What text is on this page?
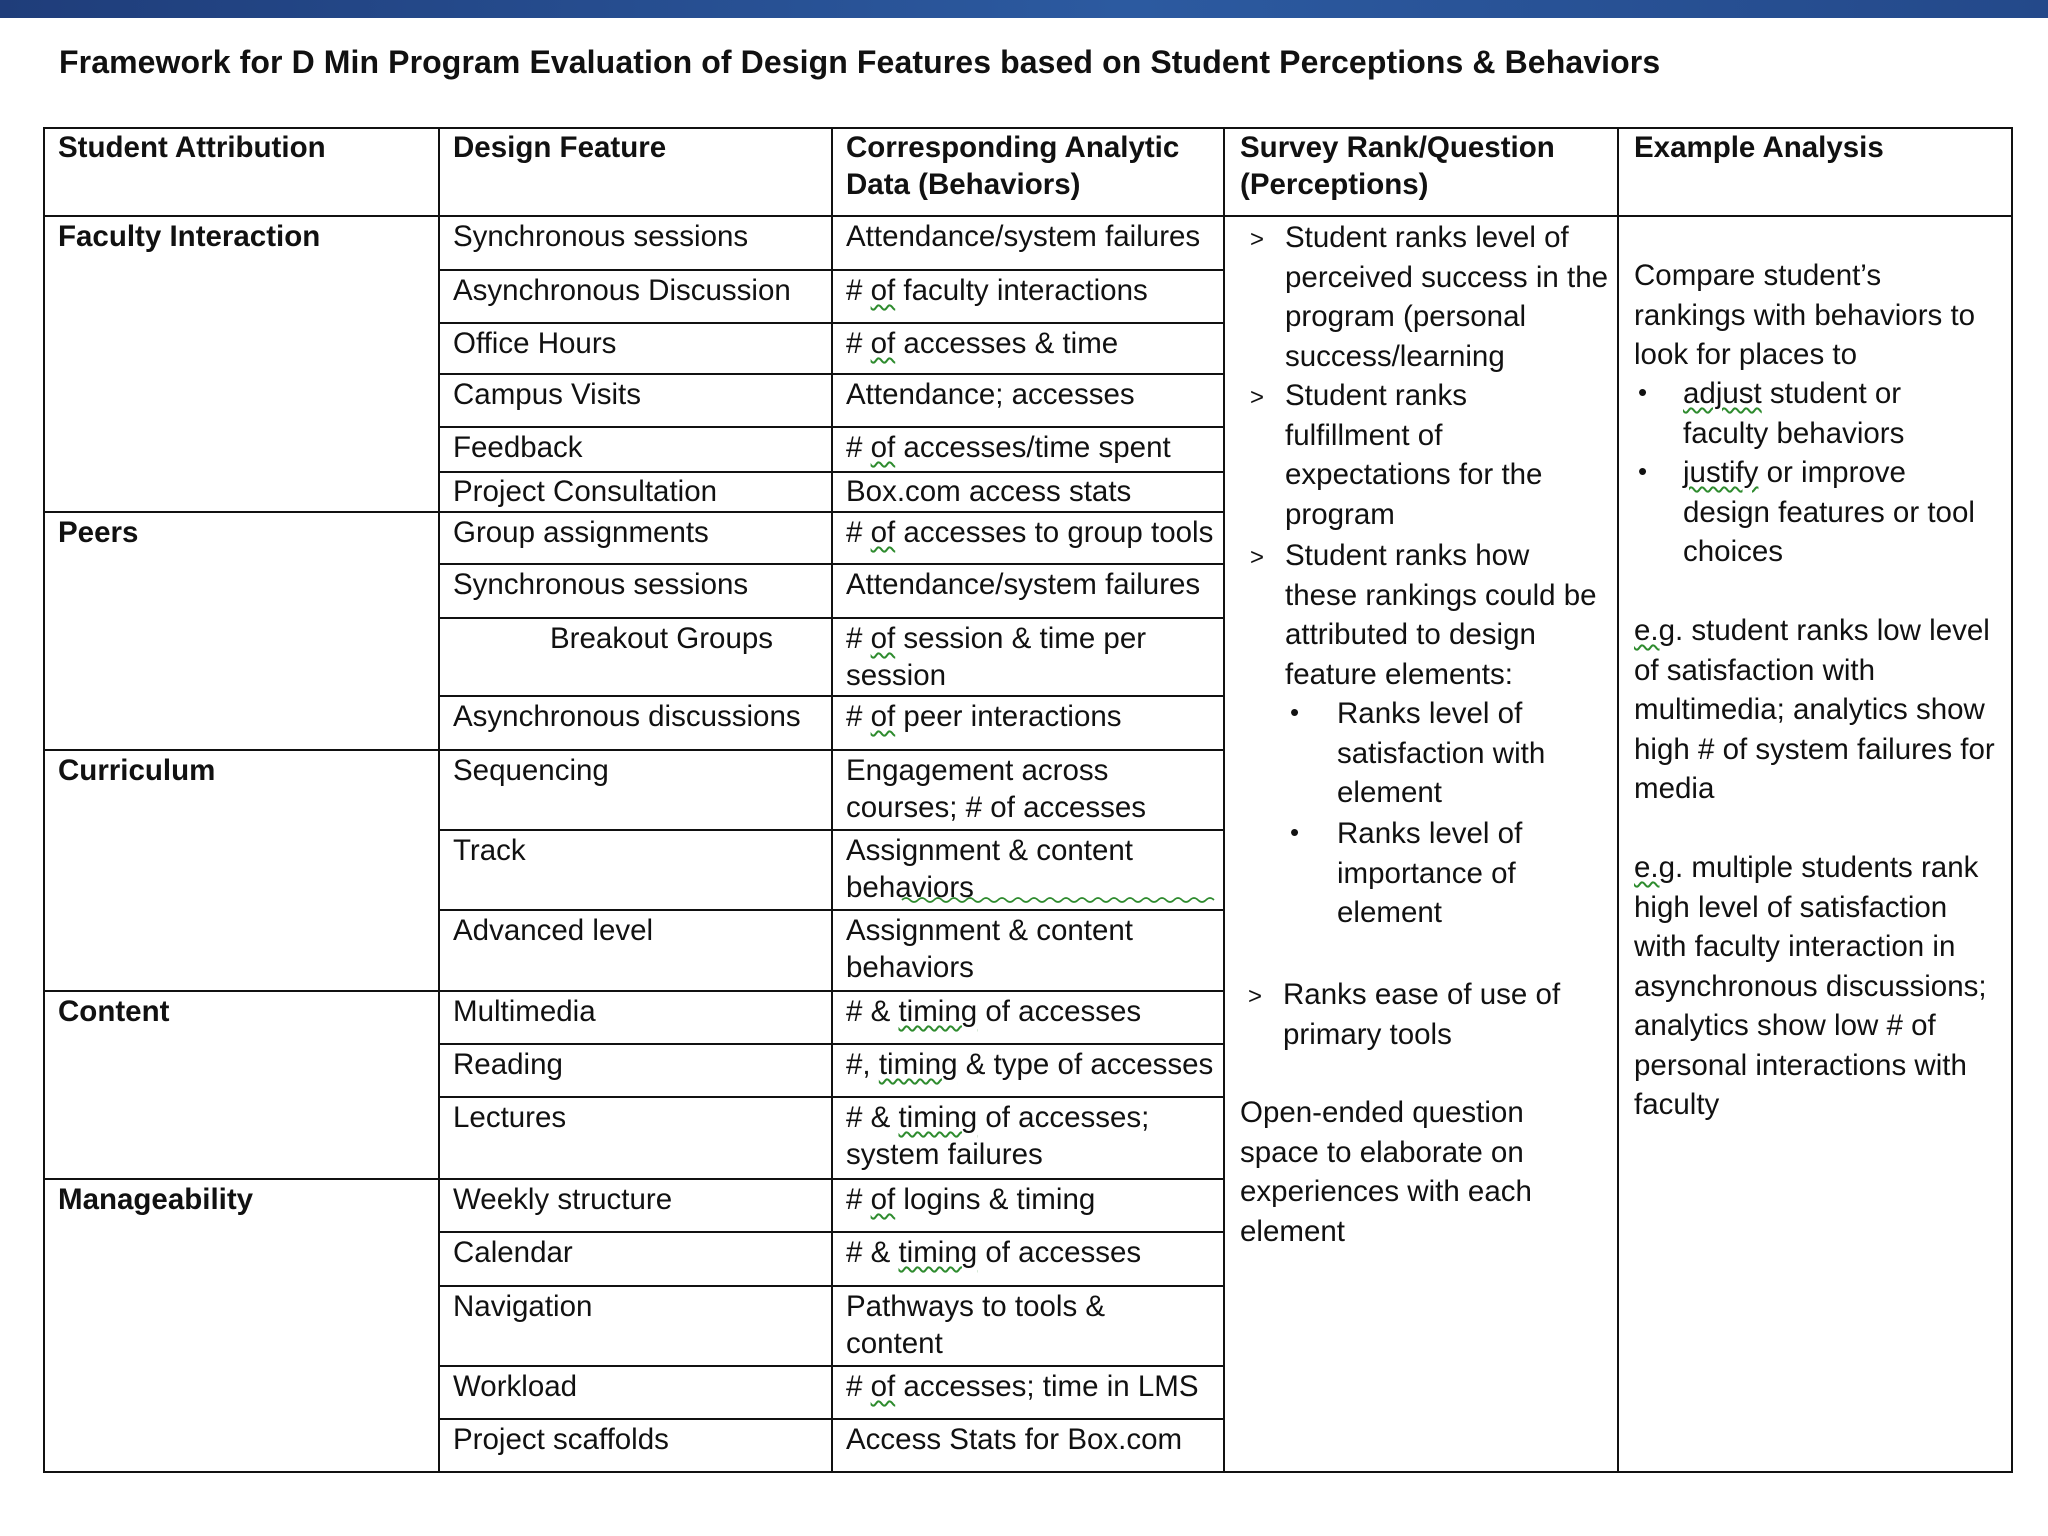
Framework for D Min Program Evaluation of Design Features based on Student Perceptions & Behaviors
Student Attribution	Design Feature	Corresponding Analytic
Data (Behaviors)
Survey Rank/Question
(Perceptions)
Example Analysis
Faculty Interaction
Peers
Curriculum
Content
Manageability
Synchronous sessions
Asynchronous Discussion
Office Hours
Campus Visits
Feedback
Project Consultation
Group assignments
Synchronous sessions
Breakout Groups
Asynchronous discussions
Sequencing
Track
Advanced level
Multimedia
Reading
Lectures
Weekly structure
Calendar
Navigation
Workload
Project scaffolds
Attendance/system failures
# of faculty interactions
# of accesses & time
Attendance; accesses
# of accesses/time spent
Box.com access stats
# of accesses to group tools
Attendance/system failures
# of session & time per
session
# of peer interactions
Engagement across
courses; # of accesses
Assignment & content
behaviors
Assignment & content
behaviors
# & timing of accesses
#, timing & type of accesses
# & timing of accesses;
system failures
# of logins & timing
# & timing of accesses
Pathways to tools &
content
# of accesses; time in LMS
Access Stats for Box.com
> Student ranks level of
perceived success in the
program (personal
success/learning
> Student ranks
fulfillment of
expectations for the
program
> Student ranks how
these rankings could be
attributed to design
feature elements:
• Ranks level of
satisfaction with
element
• Ranks level of
importance of
element
> Ranks ease of use of
primary tools
Open-ended question
space to elaborate on
experiences with each
element
Compare student’s
rankings with behaviors to
look for places to
• adjust student or
faculty behaviors
• justify or improve
design features or tool
choices
e.g. student ranks low level
of satisfaction with
multimedia; analytics show
high # of system failures for
media
e.g. multiple students rank
high level of satisfaction
with faculty interaction in
asynchronous discussions;
analytics show low # of
personal interactions with
faculty
